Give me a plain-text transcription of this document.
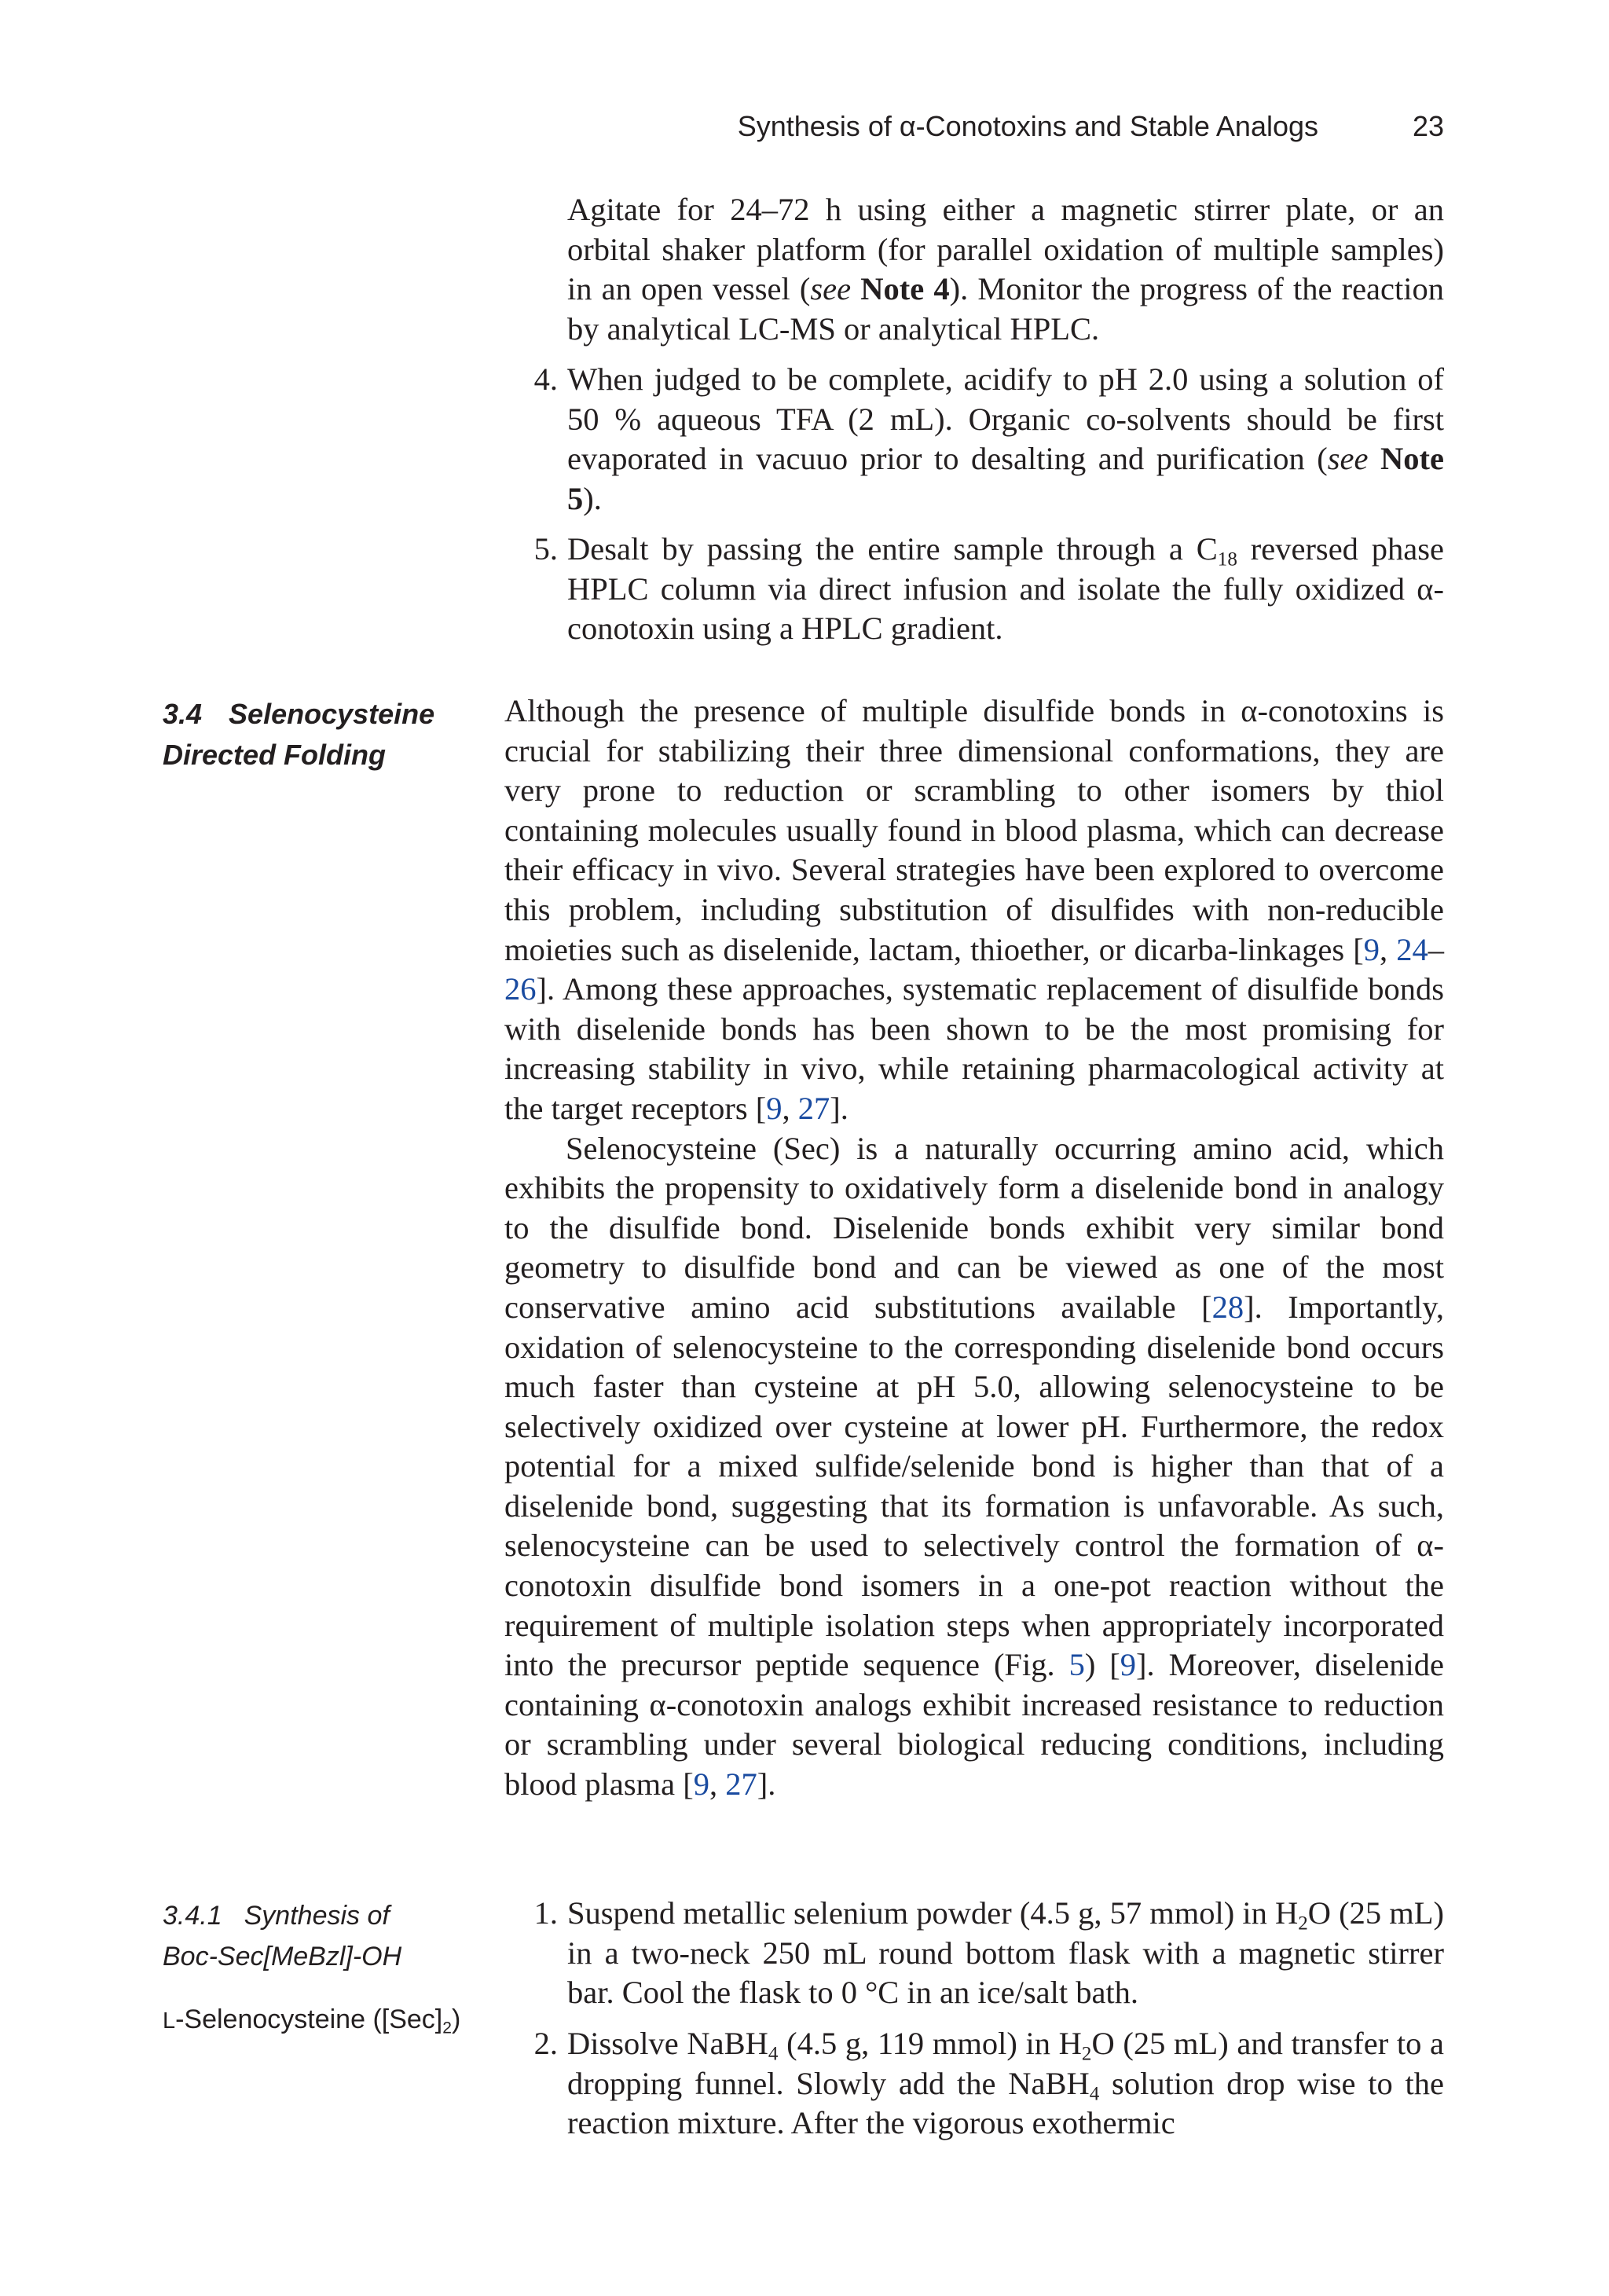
Synthesis of α-Conotoxins and Stable Analogs	23

Agitate for 24–72 h using either a magnetic stirrer plate, or an orbital shaker platform (for parallel oxidation of multiple samples) in an open vessel (see Note 4). Monitor the progress of the reaction by analytical LC-MS or analytical HPLC.

4. When judged to be complete, acidify to pH 2.0 using a solution of 50 % aqueous TFA (2 mL). Organic co-solvents should be first evaporated in vacuuo prior to desalting and purification (see Note 5).

5. Desalt by passing the entire sample through a $C_{18}$ reversed phase HPLC column via direct infusion and isolate the fully oxidized α-conotoxin using a HPLC gradient.

3.4 Selenocysteine
Directed Folding

Although the presence of multiple disulfide bonds in α-conotoxins is crucial for stabilizing their three dimensional conformations, they are very prone to reduction or scrambling to other isomers by thiol containing molecules usually found in blood plasma, which can decrease their efficacy in vivo. Several strategies have been explored to overcome this problem, including substitution of disulfides with non-reducible moieties such as diselenide, lactam, thioether, or dicarba-linkages [9, 24–26]. Among these approaches, systematic replacement of disulfide bonds with diselenide bonds has been shown to be the most promising for increasing stability in vivo, while retaining pharmacological activity at the target receptors [9, 27].

Selenocysteine (Sec) is a naturally occurring amino acid, which exhibits the propensity to oxidatively form a diselenide bond in analogy to the disulfide bond. Diselenide bonds exhibit very similar bond geometry to disulfide bond and can be viewed as one of the most conservative amino acid substitutions available [28]. Importantly, oxidation of selenocysteine to the corresponding diselenide bond occurs much faster than cysteine at pH 5.0, allowing selenocysteine to be selectively oxidized over cysteine at lower pH. Furthermore, the redox potential for a mixed sulfide/selenide bond is higher than that of a diselenide bond, suggesting that its formation is unfavorable. As such, selenocysteine can be used to selectively control the formation of α-conotoxin disulfide bond isomers in a one-pot reaction without the requirement of multiple isolation steps when appropriately incorporated into the precursor peptide sequence (Fig. 5) [9]. Moreover, diselenide containing α-conotoxin analogs exhibit increased resistance to reduction or scrambling under several biological reducing conditions, including blood plasma [9, 27].

3.4.1 Synthesis of
Boc-Sec[MeBzl]-OH
L-Selenocysteine $([Sec]_2)$
1. Suspend metallic selenium powder (4.5 g, 57 mmol) in $H_2O$ (25 mL) in a two-neck 250 mL round bottom flask with a magnetic stirrer bar. Cool the flask to 0 °C in an ice/salt bath.

2. Dissolve NaBH$_4$ (4.5 g, 119 mmol) in $H_2O$ (25 mL) and transfer to a dropping funnel. Slowly add the NaBH$_4$ solution drop wise to the reaction mixture. After the vigorous exothermic
